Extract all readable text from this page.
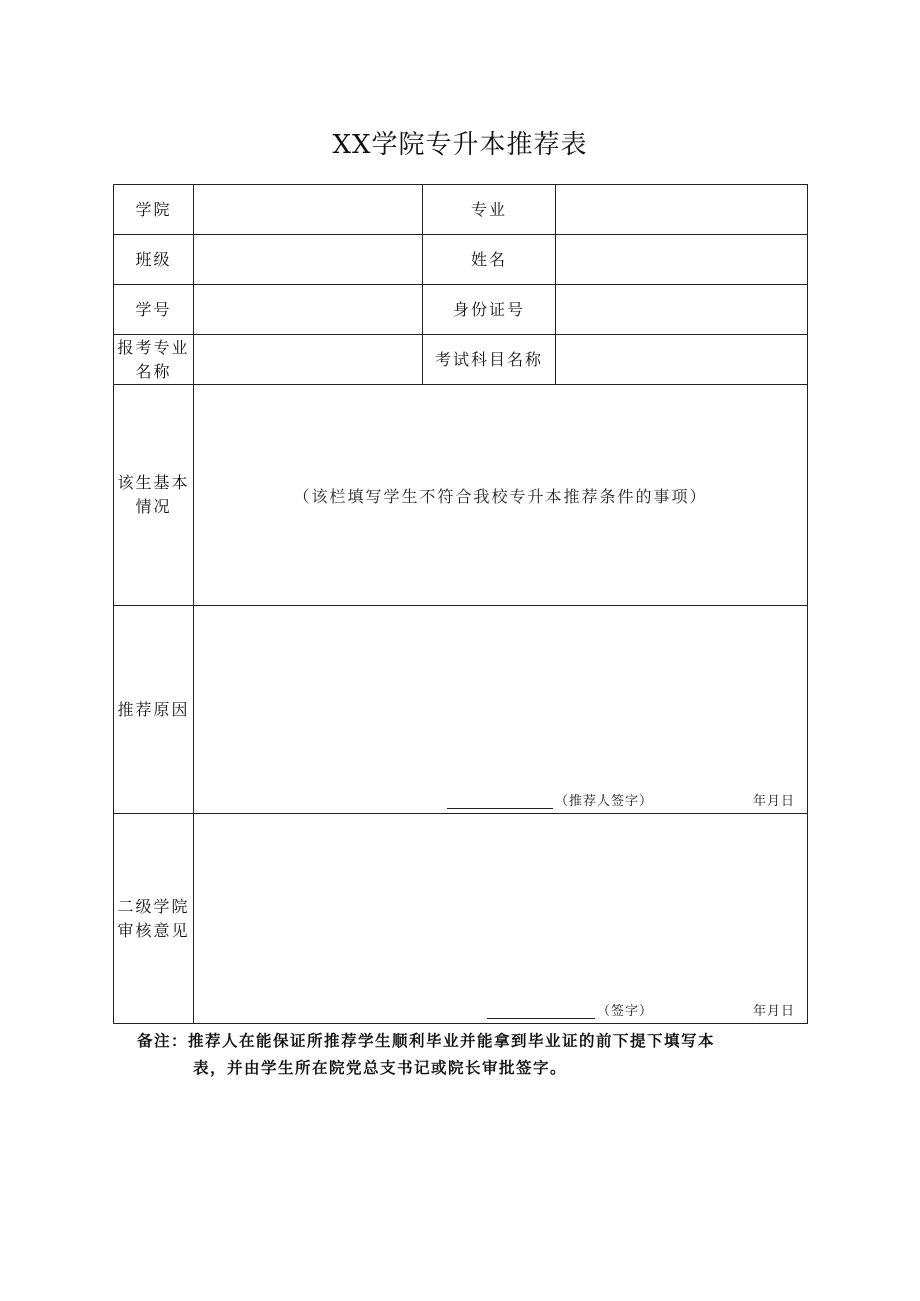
XX学院专升本推荐表
学院		专业	
班级		姓名	
学号		身份证号	
报考专业名称		考试科目名称	
该生基本情况	（该栏填写学生不符合我校专升本推荐条件的事项）		

推荐原因	（推荐人签字） 年月日		

二级学院审核意见	（签字） 年月日		
备注：推荐人在能保证所推荐学生顺利毕业并能拿到毕业证的前下提下填写本
表，并由学生所在院党总支书记或院长审批签字。
